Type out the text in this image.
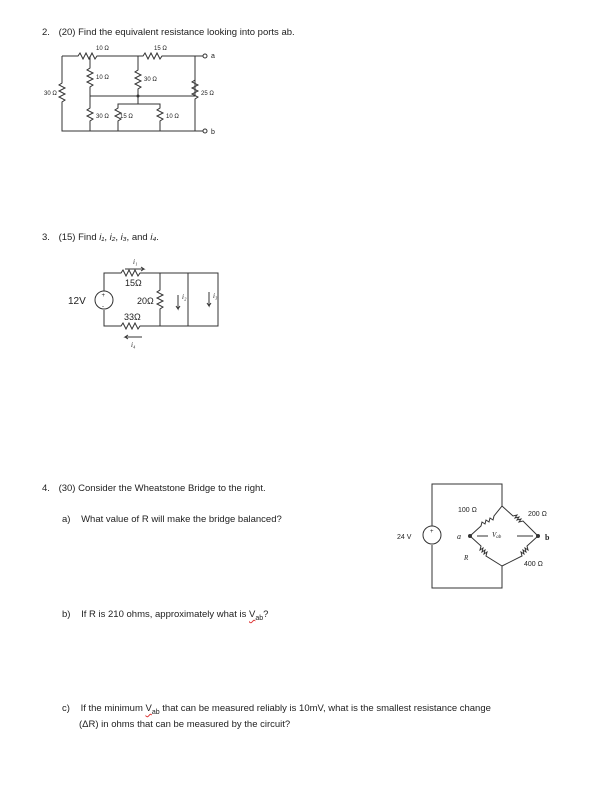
2. (20) Find the equivalent resistance looking into ports ab.
10 Ω	15 Ω
30 Ω
10 Ω	30 Ω
25 Ω
30 Ω 15 Ω	10 Ω
a
b
3. (15) Find i₁, i₂, i₃, and i₄.
+
-
12V
15Ω
20Ω
33Ω
i₁
i₂	i₃
i₄
4. (30) Consider the Wheatstone Bridge to the right.
a) What value of R will make the bridge balanced?
b) If R is 210 ohms, approximately what is $V_{ab}$?
c) If the minimum $V_{ab}$ that can be measured reliably is 10mV, what is the smallest resistance change
(ΔR) in ohms that can be measured by the circuit?
+
24 V
100 Ω
200 Ω
400 Ω
R
a	b
Vab
